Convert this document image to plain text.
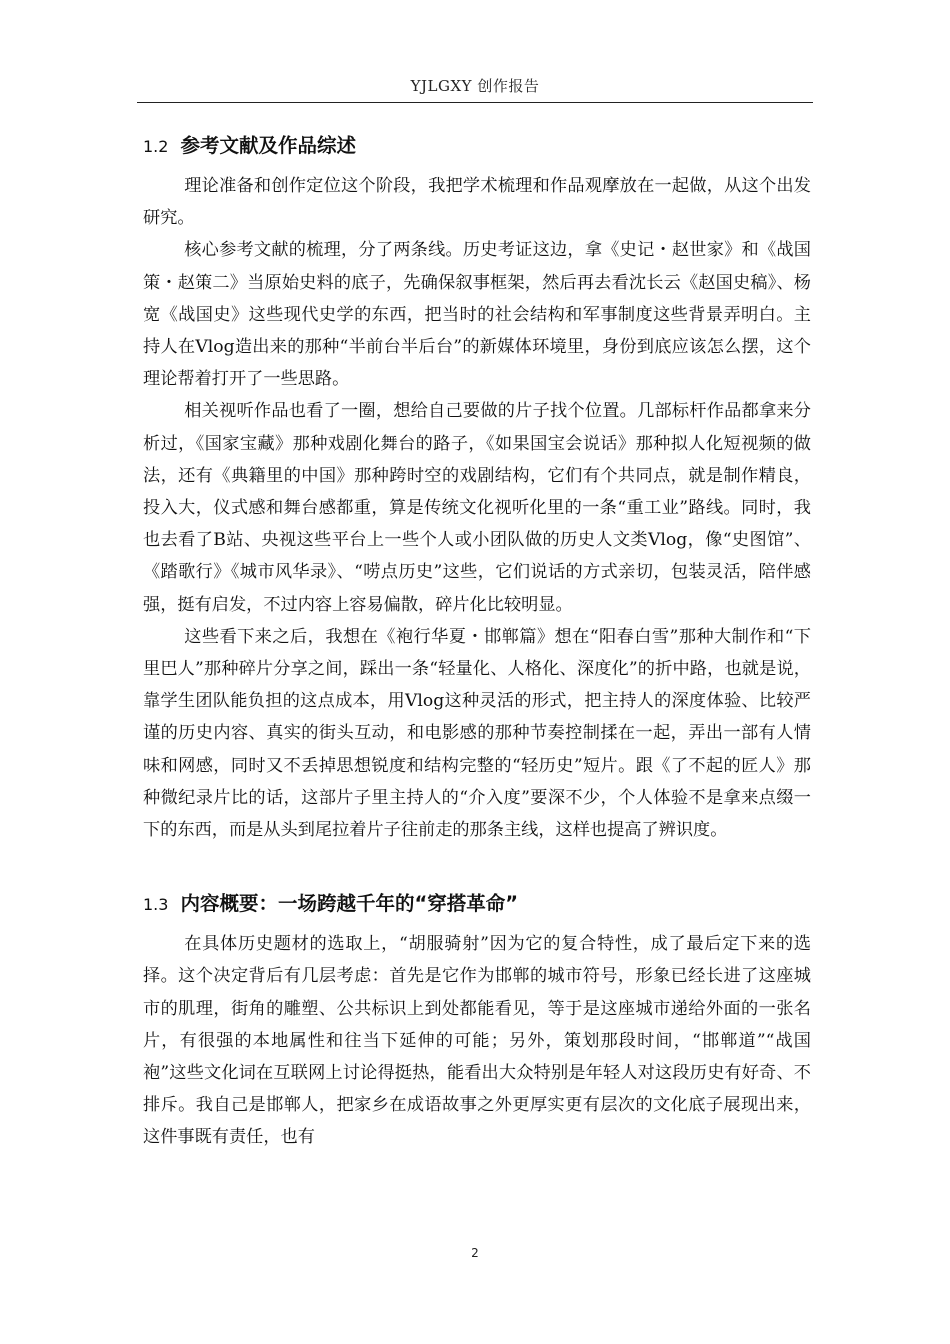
YJLGXY 创作报告
1.2 参考文献及作品综述

理论准备和创作定位这个阶段，我把学术梳理和作品观摩放在一起做，从这个出发研究。

核心参考文献的梳理，分了两条线。历史考证这边，拿《史记・赵世家》和《战国策・赵策二》当原始史料的底子，先确保叙事框架，然后再去看沈长云《赵国史稿》、杨宽《战国史》这些现代史学的东西，把当时的社会结构和军事制度这些背景弄明白。主持人在Vlog造出来的那种“半前台半后台”的新媒体环境里，身份到底应该怎么摆，这个理论帮着打开了一些思路。

相关视听作品也看了一圈，想给自己要做的片子找个位置。几部标杆作品都拿来分析过，《国家宝藏》那种戏剧化舞台的路子，《如果国宝会说话》那种拟人化短视频的做法，还有《典籍里的中国》那种跨时空的戏剧结构，它们有个共同点，就是制作精良，投入大，仪式感和舞台感都重，算是传统文化视听化里的一条“重工业”路线。同时，我也去看了B站、央视这些平台上一些个人或小团队做的历史人文类Vlog，像“史图馆”、《踏歌行》《城市风华录》、“唠点历史”这些，它们说话的方式亲切，包装灵活，陪伴感强，挺有启发，不过内容上容易偏散，碎片化比较明显。

这些看下来之后，我想在《袍行华夏・邯郸篇》想在“阳春白雪”那种大制作和“下里巴人”那种碎片分享之间，踩出一条“轻量化、人格化、深度化”的折中路，也就是说，靠学生团队能负担的这点成本，用Vlog这种灵活的形式，把主持人的深度体验、比较严谨的历史内容、真实的街头互动，和电影感的那种节奏控制揉在一起，弄出一部有人情味和网感，同时又不丢掉思想锐度和结构完整的“轻历史”短片。跟《了不起的匠人》那种微纪录片比的话，这部片子里主持人的“介入度”要深不少，个人体验不是拿来点缀一下的东西，而是从头到尾拉着片子往前走的那条主线，这样也提高了辨识度。

1.3 内容概要：一场跨越千年的“穿搭革命”

在具体历史题材的选取上，“胡服骑射”因为它的复合特性，成了最后定下来的选择。这个决定背后有几层考虑：首先是它作为邯郸的城市符号，形象已经长进了这座城市的肌理，街角的雕塑、公共标识上到处都能看见，等于是这座城市递给外面的一张名片，有很强的本地属性和往当下延伸的可能；另外，策划那段时间，“邯郸道”“战国袍”这些文化词在互联网上讨论得挺热，能看出大众特别是年轻人对这段历史有好奇、不排斥。我自己是邯郸人，把家乡在成语故事之外更厚实更有层次的文化底子展现出来，这件事既有责任，也有

2
